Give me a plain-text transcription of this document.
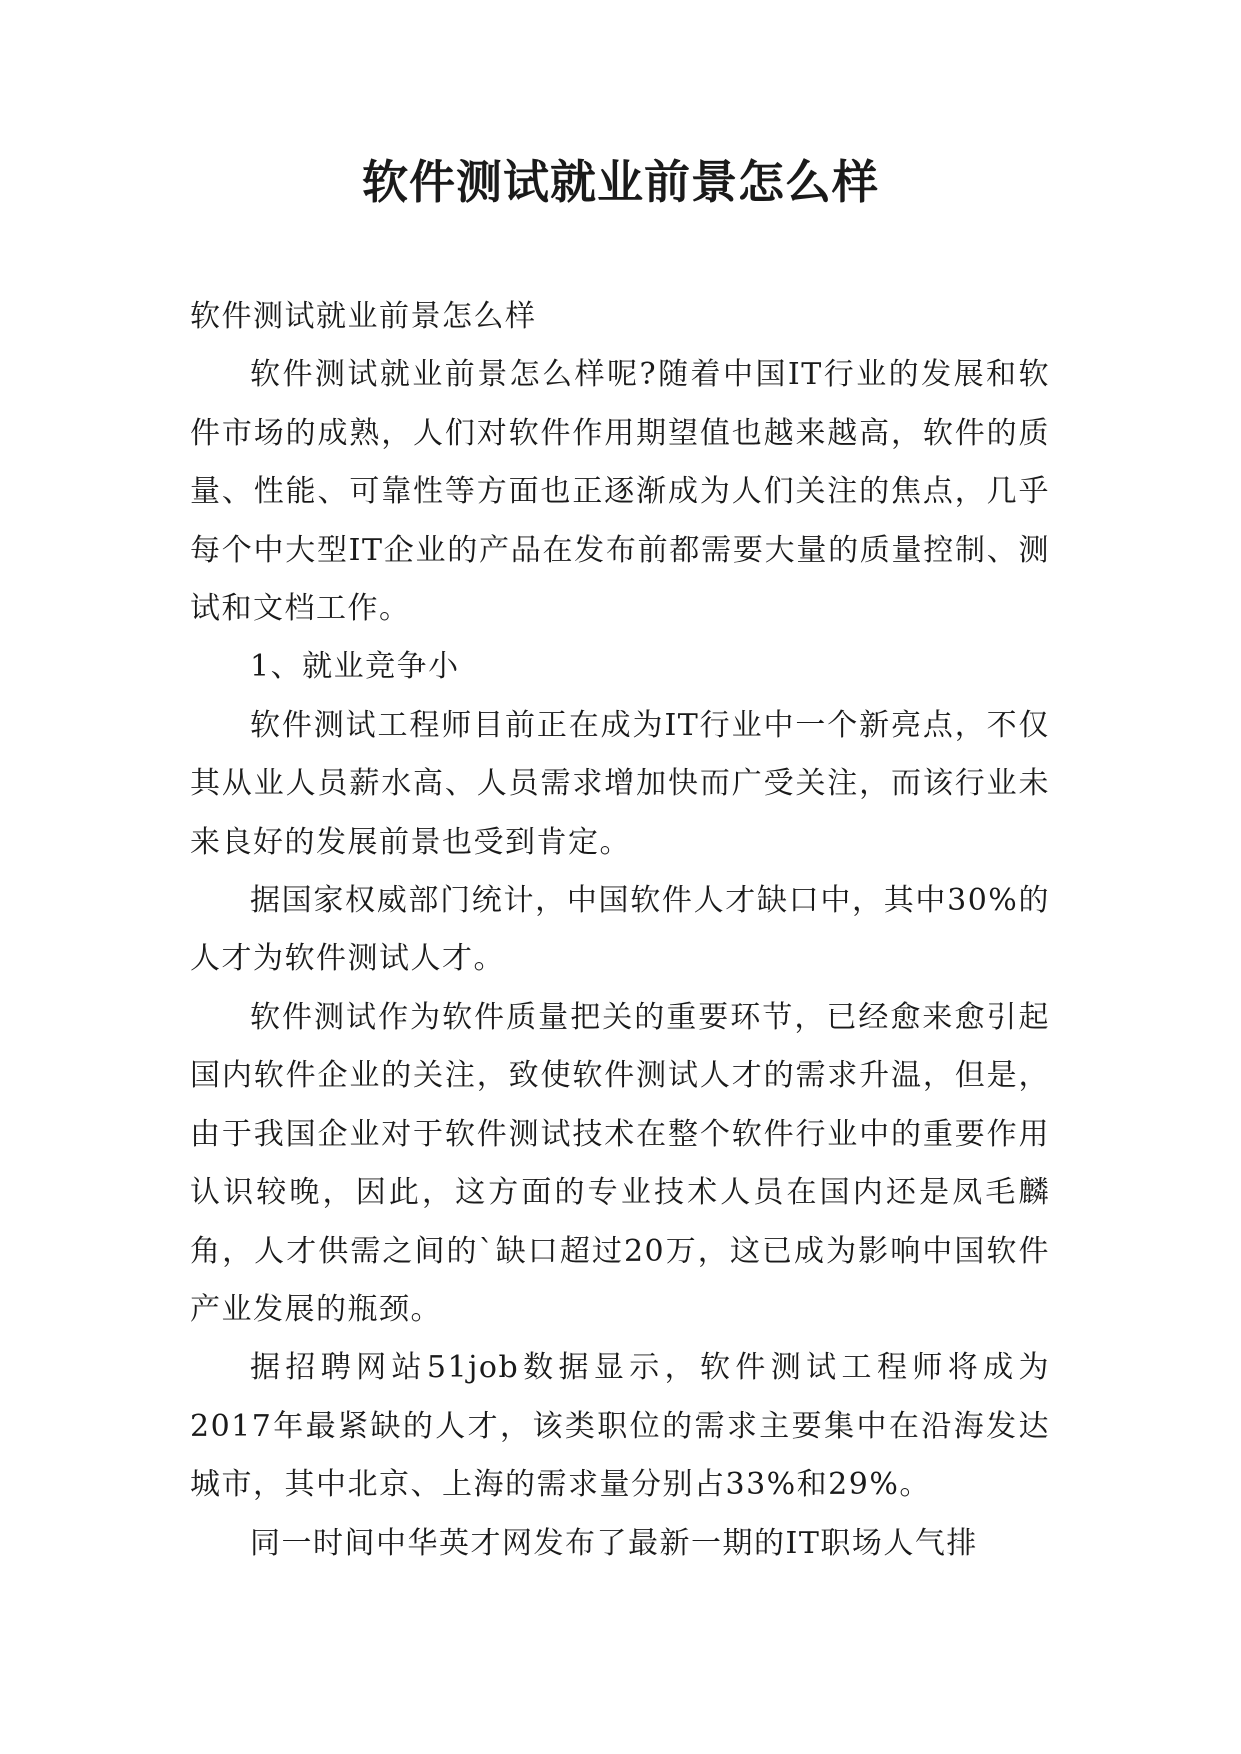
软件测试就业前景怎么样

软件测试就业前景怎么样

软件测试就业前景怎么样呢?随着中国IT行业的发展和软件市场的成熟，人们对软件作用期望值也越来越高，软件的质量、性能、可靠性等方面也正逐渐成为人们关注的焦点，几乎每个中大型IT企业的产品在发布前都需要大量的质量控制、测试和文档工作。

1、就业竞争小

软件测试工程师目前正在成为IT行业中一个新亮点，不仅其从业人员薪水高、人员需求增加快而广受关注，而该行业未来良好的发展前景也受到肯定。

据国家权威部门统计，中国软件人才缺口中，其中30%的人才为软件测试人才。

软件测试作为软件质量把关的重要环节，已经愈来愈引起国内软件企业的关注，致使软件测试人才的需求升温，但是，由于我国企业对于软件测试技术在整个软件行业中的重要作用认识较晚，因此，这方面的专业技术人员在国内还是凤毛麟角，人才供需之间的`缺口超过20万，这已成为影响中国软件产业发展的瓶颈。

据招聘网站51job数据显示，软件测试工程师将成为2017年最紧缺的人才，该类职位的需求主要集中在沿海发达城市，其中北京、上海的需求量分别占33%和29%。

同一时间中华英才网发布了最新一期的IT职场人气排
